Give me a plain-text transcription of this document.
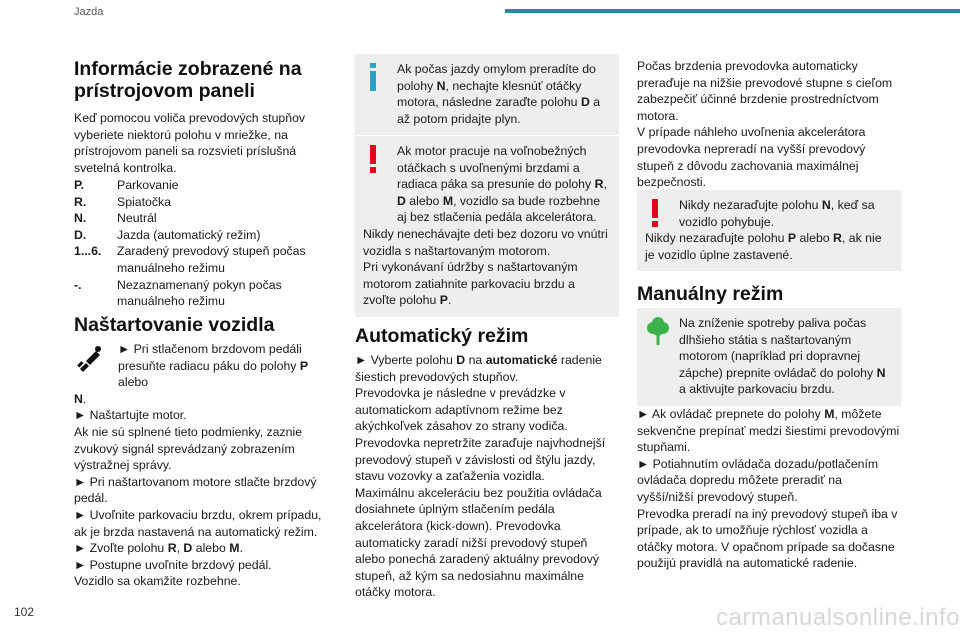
Jazda
Informácie zobrazené na prístrojovom paneli

Keď pomocou voliča prevodových stupňov vyberiete niektorú polohu v mriežke, na prístrojovom paneli sa rozsvieti príslušná svetelná kontrolka.

P.	Parkovanie
R.	Spiatočka
N.	Neutrál
D.	Jazda (automatický režim)
1...6.	Zaradený prevodový stupeň počas manuálneho režimu
-.	Nezaznamenaný pokyn počas manuálneho režimu
Naštartovanie vozidla
► Pri stlačenom brzdovom pedáli presuňte radiacu páku do polohy P alebo

N.

► Naštartujte motor.

Ak nie sú splnené tieto podmienky, zaznie zvukový signál sprevádzaný zobrazením výstražnej správy.

► Pri naštartovanom motore stlačte brzdový pedál.

► Uvoľnite parkovaciu brzdu, okrem prípadu, ak je brzda nastavená na automatický režim.

► Zvoľte polohu R, D alebo M.

► Postupne uvoľnite brzdový pedál.

Vozidlo sa okamžite rozbehne.

Ak počas jazdy omylom preradíte do polohy N, nechajte klesnúť otáčky motora, následne zaraďte polohu D a až potom pridajte plyn.
Ak motor pracuje na voľnobežných otáčkach s uvoľnenými brzdami a radiaca páka sa presunie do polohy R, D alebo M, vozidlo sa bude rozbehne aj bez stlačenia pedála akcelerátora.

Nikdy nenechávajte deti bez dozoru vo vnútri vozidla s naštartovaným motorom.

Pri vykonávaní údržby s naštartovaným motorom zatiahnite parkovaciu brzdu a zvoľte polohu P.

Automatický režim

► Vyberte polohu D na automatické radenie šiestich prevodových stupňov.

Prevodovka je následne v prevádzke v automatickom adaptívnom režime bez akýchkoľvek zásahov zo strany vodiča.

Prevodovka nepretržite zaraďuje najvhodnejší prevodový stupeň v závislosti od štýlu jazdy, stavu vozovky a zaťaženia vozidla.

Maximálnu akceleráciu bez použitia ovládača dosiahnete úplným stlačením pedála akcelerátora (kick-down). Prevodovka automaticky zaradí nižší prevodový stupeň alebo ponechá zaradený aktuálny prevodový stupeň, až kým sa nedosiahnu maximálne otáčky motora.

Počas brzdenia prevodovka automaticky preraďuje na nižšie prevodové stupne s cieľom zabezpečiť účinné brzdenie prostredníctvom motora.

V prípade náhleho uvoľnenia akcelerátora prevodovka nepreradí na vyšší prevodový stupeň z dôvodu zachovania maximálnej bezpečnosti.

Nikdy nezaraďujte polohu N, keď sa vozidlo pohybuje.

Nikdy nezaraďujte polohu P alebo R, ak nie je vozidlo úplne zastavené.

Manuálny režim
Na zníženie spotreby paliva počas dlhšieho státia s naštartovaným motorom (napríklad pri dopravnej zápche) prepnite ovládač do polohy N a aktivujte parkovaciu brzdu.

► Ak ovládač prepnete do polohy M, môžete sekvenčne prepínať medzi šiestimi prevodovými stupňami.

► Potiahnutím ovládača dozadu/potlačením ovládača dopredu môžete preradiť na vyšší/nižší prevodový stupeň.

Prevodka preradí na iný prevodový stupeň iba v prípade, ak to umožňuje rýchlosť vozidla a otáčky motora. V opačnom prípade sa dočasne použijú pravidlá na automatické radenie.

102	carmanualsonline.info
